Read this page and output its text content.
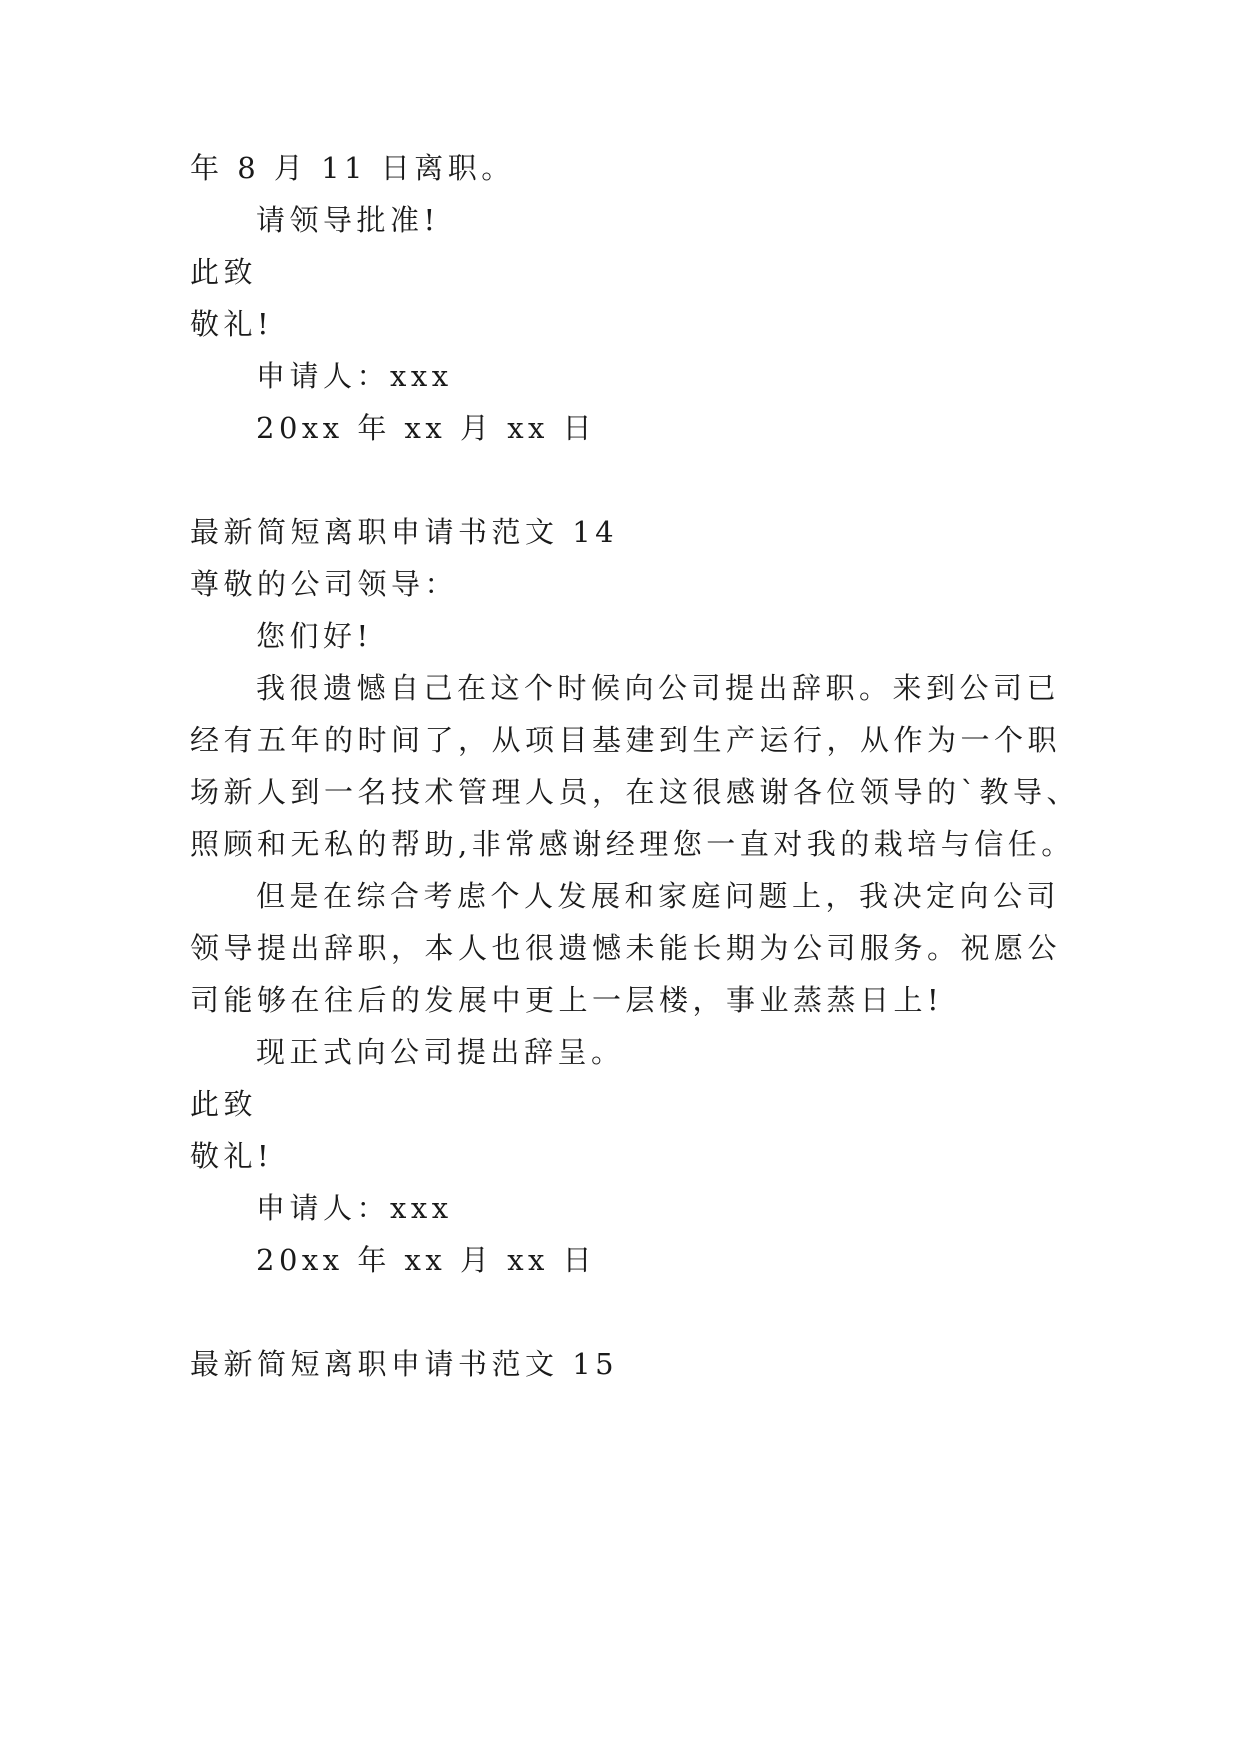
年 8 月 11 日离职。
请领导批准!
此致
敬礼!
申请人：xxx
20xx 年 xx 月 xx 日
最新简短离职申请书范文 14
尊敬的公司领导：
您们好!
我很遗憾自己在这个时候向公司提出辞职。来到公司已
经有五年的时间了，从项目基建到生产运行，从作为一个职
场新人到一名技术管理人员，在这很感谢各位领导的`教导、
照顾和无私的帮助,非常感谢经理您一直对我的栽培与信任。
但是在综合考虑个人发展和家庭问题上，我决定向公司
领导提出辞职，本人也很遗憾未能长期为公司服务。祝愿公
司能够在往后的发展中更上一层楼，事业蒸蒸日上!
现正式向公司提出辞呈。
此致
敬礼!
申请人：xxx
20xx 年 xx 月 xx 日
最新简短离职申请书范文 15
